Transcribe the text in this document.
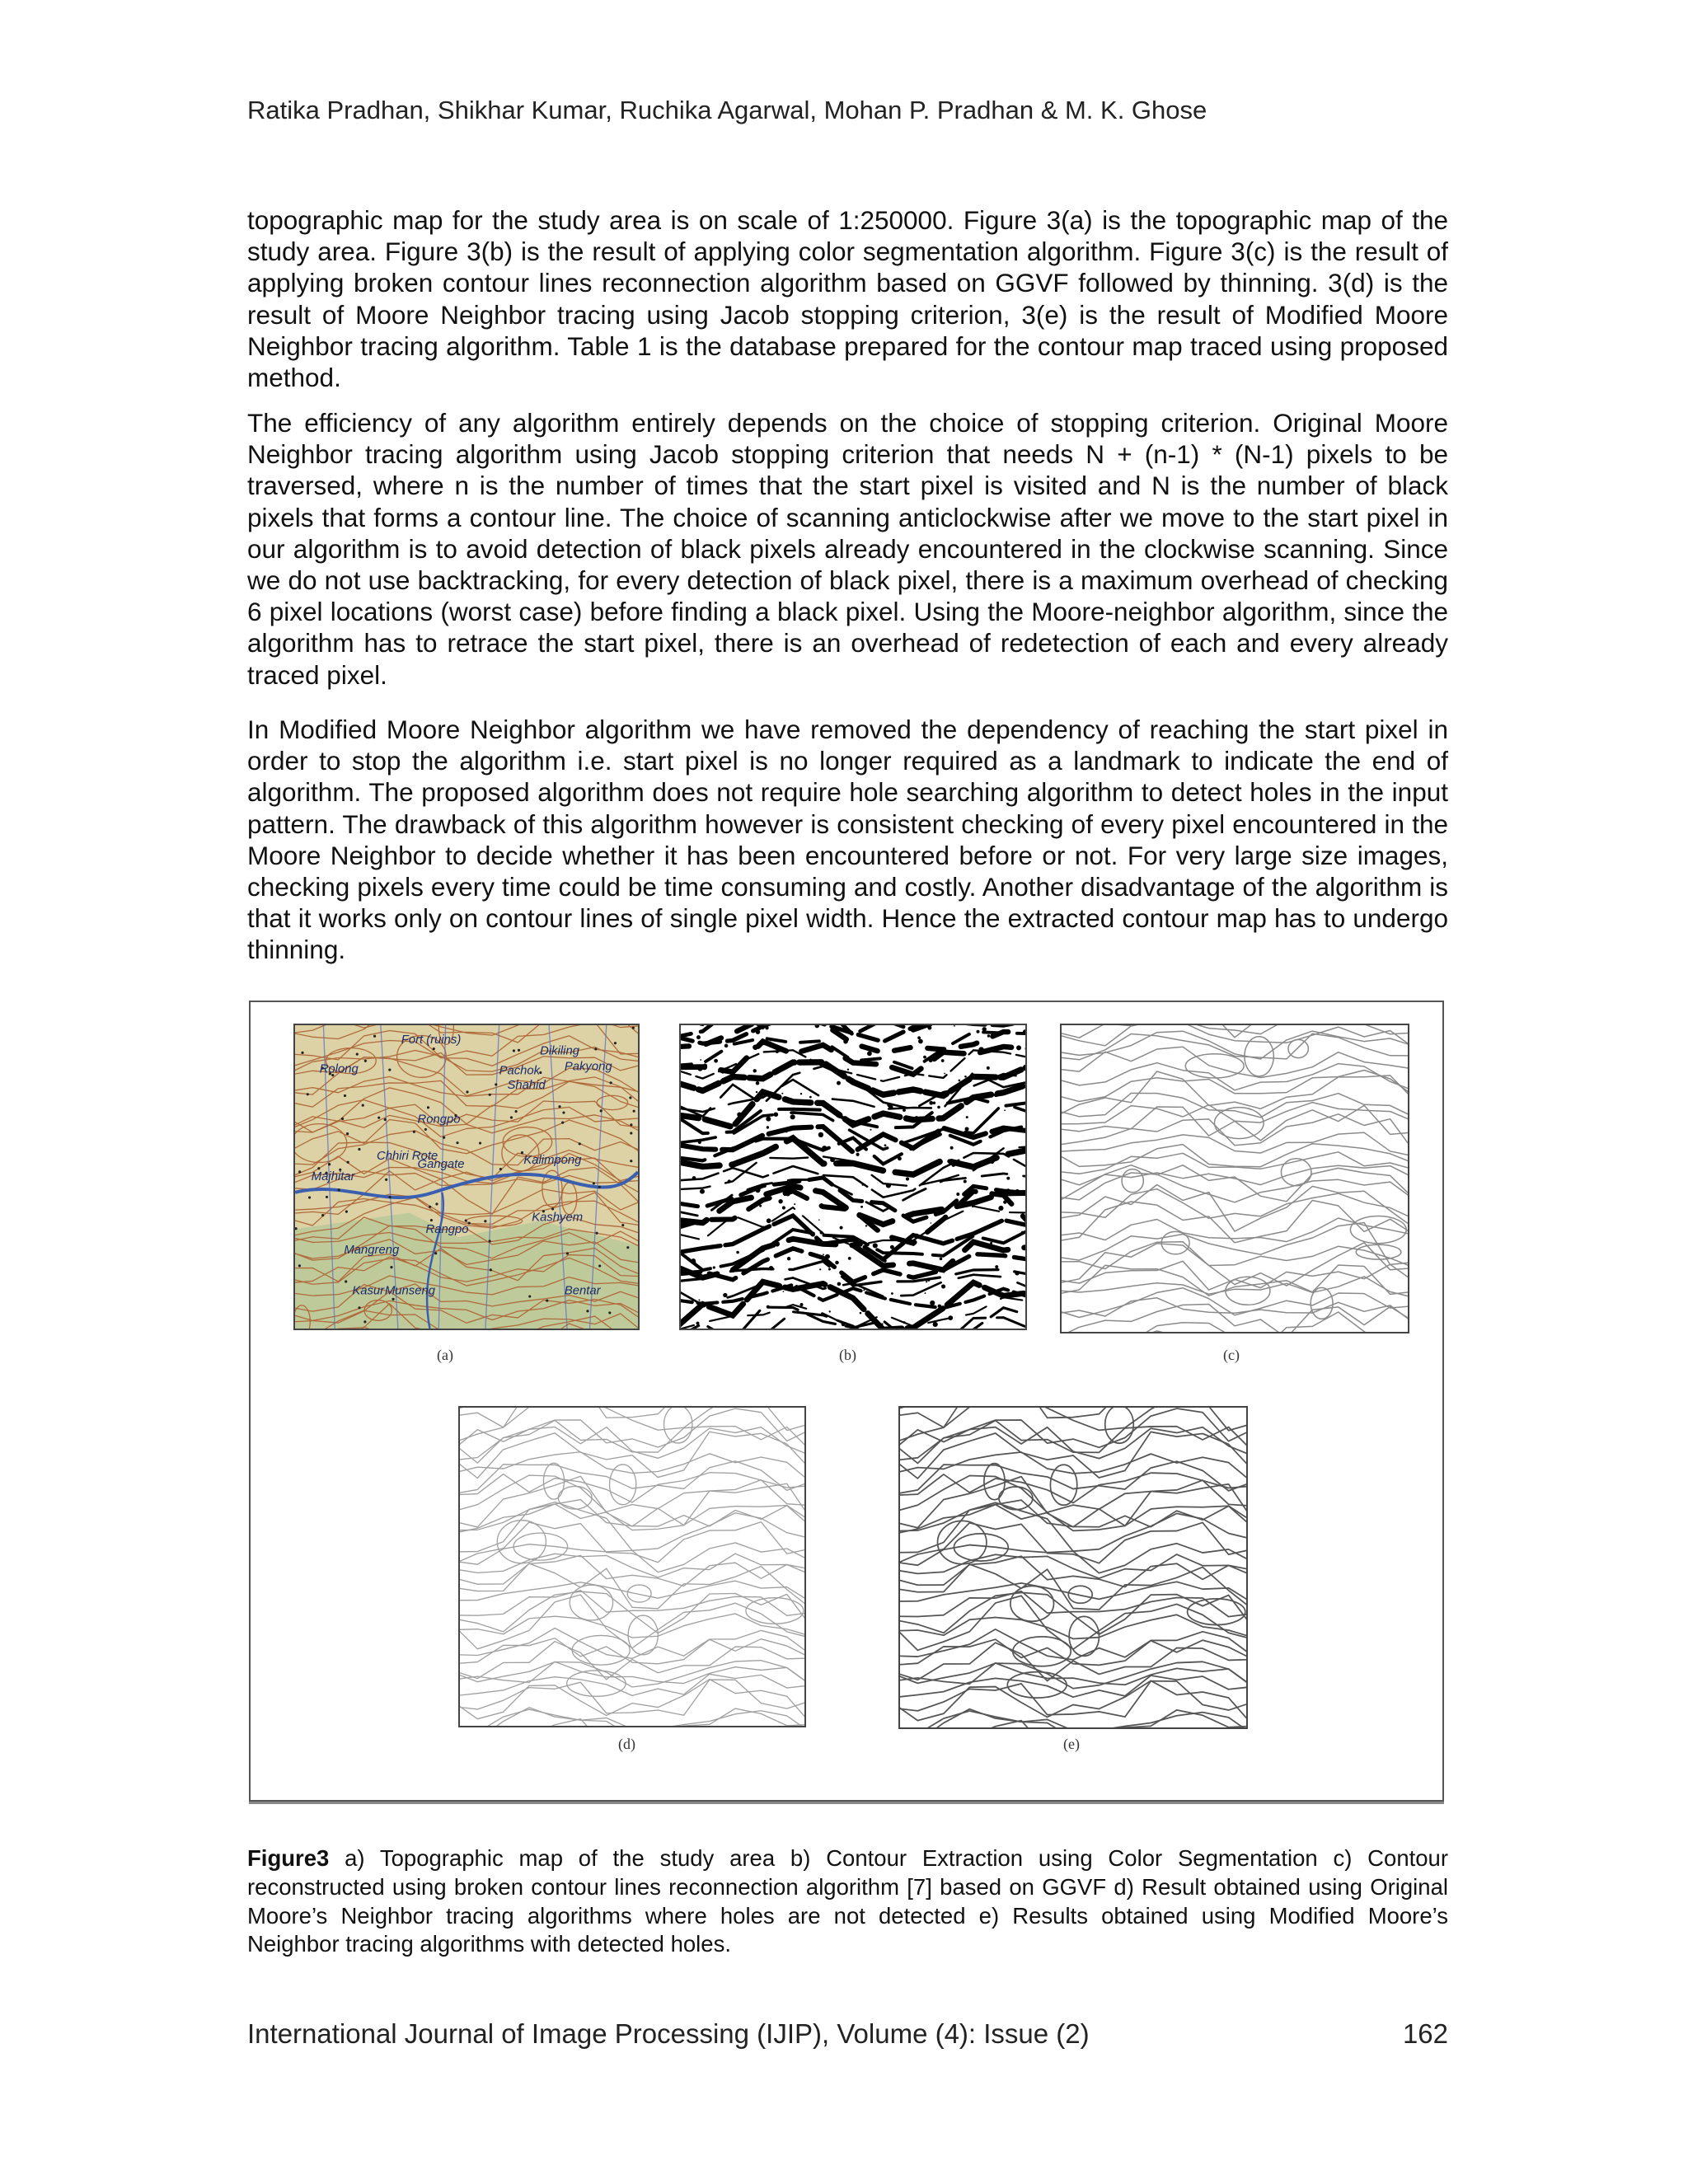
Ratika Pradhan, Shikhar Kumar, Ruchika Agarwal, Mohan P. Pradhan & M. K. Ghose

topographic map for the study area is on scale of 1:250000. Figure 3(a) is the topographic map of the study area. Figure 3(b) is the result of applying color segmentation algorithm. Figure 3(c) is the result of applying broken contour lines reconnection algorithm based on GGVF followed by thinning. 3(d) is the result of Moore Neighbor tracing using Jacob stopping criterion, 3(e) is the result of Modified Moore Neighbor tracing algorithm. Table 1 is the database prepared for the contour map traced using proposed method.

The efficiency of any algorithm entirely depends on the choice of stopping criterion. Original Moore Neighbor tracing algorithm using Jacob stopping criterion that needs N + (n-1) * (N-1) pixels to be traversed, where n is the number of times that the start pixel is visited and N is the number of black pixels that forms a contour line. The choice of scanning anticlockwise after we move to the start pixel in our algorithm is to avoid detection of black pixels already encountered in the clockwise scanning. Since we do not use backtracking, for every detection of black pixel, there is a maximum overhead of checking 6 pixel locations (worst case) before finding a black pixel. Using the Moore-neighbor algorithm, since the algorithm has to retrace the start pixel, there is an overhead of redetection of each and every already traced pixel.

In Modified Moore Neighbor algorithm we have removed the dependency of reaching the start pixel in order to stop the algorithm i.e. start pixel is no longer required as a landmark to indicate the end of algorithm. The proposed algorithm does not require hole searching algorithm to detect holes in the input pattern. The drawback of this algorithm however is consistent checking of every pixel encountered in the Moore Neighbor to decide whether it has been encountered before or not. For very large size images, checking pixels every time could be time consuming and costly. Another disadvantage of the algorithm is that it works only on contour lines of single pixel width. Hence the extracted contour map has to undergo thinning.

Fort (ruins)
Rolong	Pachok Pakyong
Dikiling
Shahid
Chhiri Rote
Rongpo
Gangate
Majhitar
Kalimpong
Rangpo
Mangreng
Kashyem
Kasur Munseng	Bentar
(a)	(b)	(c)
(d)	(e)

Figure3 a) Topographic map of the study area b) Contour Extraction using Color Segmentation c) Contour reconstructed using broken contour lines reconnection algorithm [7] based on GGVF d) Result obtained using Original Moore’s Neighbor tracing algorithms where holes are not detected e) Results obtained using Modified Moore’s Neighbor tracing algorithms with detected holes.

International Journal of Image Processing (IJIP), Volume (4): Issue (2)	162
